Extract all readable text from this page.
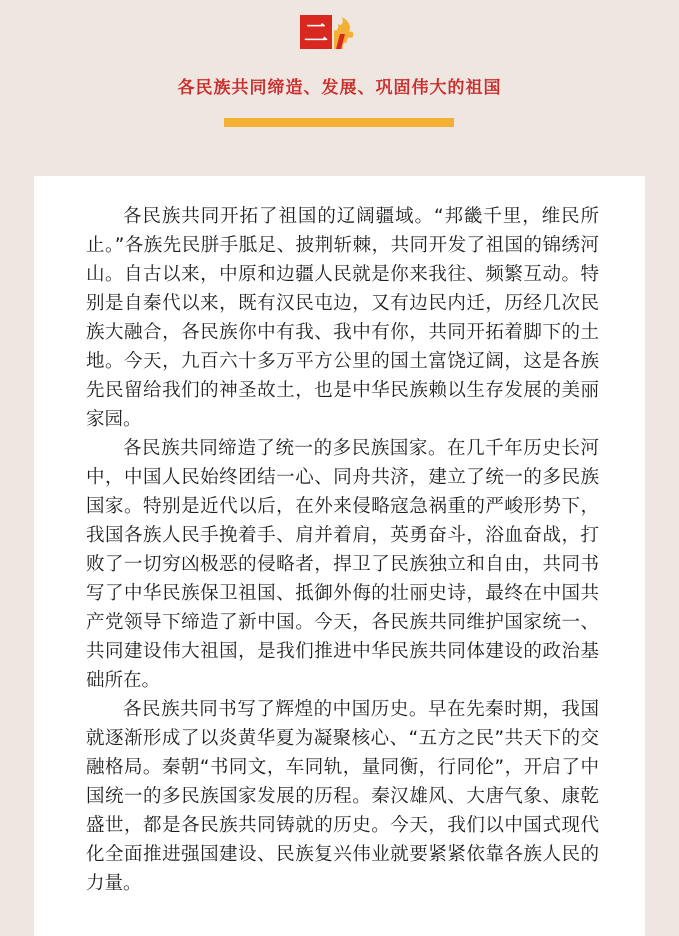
二
各民族共同缔造、发展、巩固伟大的祖国

各民族共同开拓了祖国的辽阔疆域。“邦畿千里，维民所止。”各族先民胼手胝足、披荆斩棘，共同开发了祖国的锦绣河山。自古以来，中原和边疆人民就是你来我往、频繁互动。特别是自秦代以来，既有汉民屯边，又有边民内迁，历经几次民族大融合，各民族你中有我、我中有你，共同开拓着脚下的土地。今天，九百六十多万平方公里的国土富饶辽阔，这是各族先民留给我们的神圣故土，也是中华民族赖以生存发展的美丽家园。

各民族共同缔造了统一的多民族国家。在几千年历史长河中，中国人民始终团结一心、同舟共济，建立了统一的多民族国家。特别是近代以后，在外来侵略寇急祸重的严峻形势下，我国各族人民手挽着手、肩并着肩，英勇奋斗，浴血奋战，打败了一切穷凶极恶的侵略者，捍卫了民族独立和自由，共同书写了中华民族保卫祖国、抵御外侮的壮丽史诗，最终在中国共产党领导下缔造了新中国。今天，各民族共同维护国家统一、共同建设伟大祖国，是我们推进中华民族共同体建设的政治基础所在。

各民族共同书写了辉煌的中国历史。早在先秦时期，我国就逐渐形成了以炎黄华夏为凝聚核心、“五方之民”共天下的交融格局。秦朝“书同文，车同轨，量同衡，行同伦”，开启了中国统一的多民族国家发展的历程。秦汉雄风、大唐气象、康乾盛世，都是各民族共同铸就的历史。今天，我们以中国式现代化全面推进强国建设、民族复兴伟业就要紧紧依靠各族人民的力量。
